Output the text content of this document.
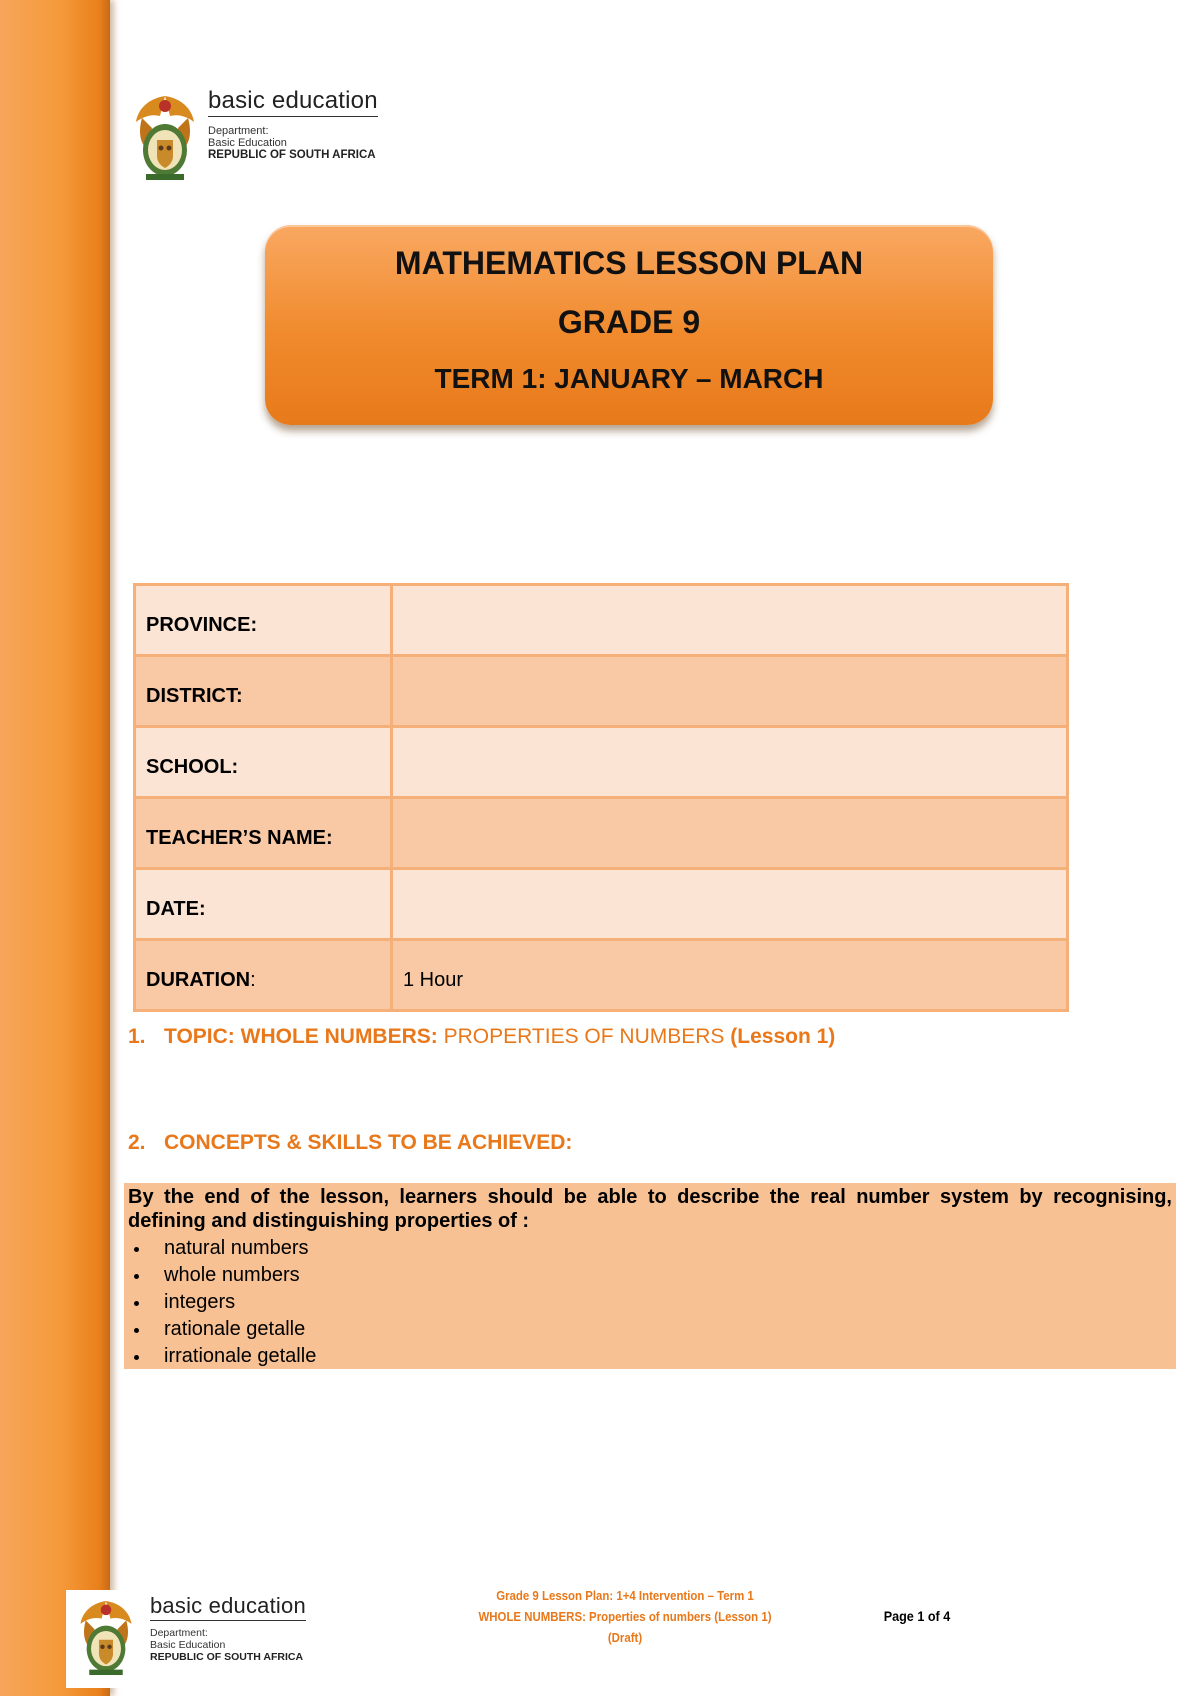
basic education
Department:
Basic Education
REPUBLIC OF SOUTH AFRICA
MATHEMATICS LESSON PLAN
GRADE 9
TERM 1: JANUARY – MARCH
PROVINCE:	
DISTRICT:	
SCHOOL:	
TEACHER’S NAME:	
DATE:	
DURATION:	1 Hour
1. TOPIC: WHOLE NUMBERS: PROPERTIES OF NUMBERS (Lesson 1)
2. CONCEPTS & SKILLS TO BE ACHIEVED:
By the end of the lesson, learners should be able to describe the real number system by recognising, defining and distinguishing properties of :
natural numbers
whole numbers
integers
rationale getalle
irrationale getalle
basic education
Department:
Basic Education
REPUBLIC OF SOUTH AFRICA
Grade 9 Lesson Plan: 1+4 Intervention – Term 1
WHOLE NUMBERS: Properties of numbers (Lesson 1)
(Draft)
Page 1 of 4
